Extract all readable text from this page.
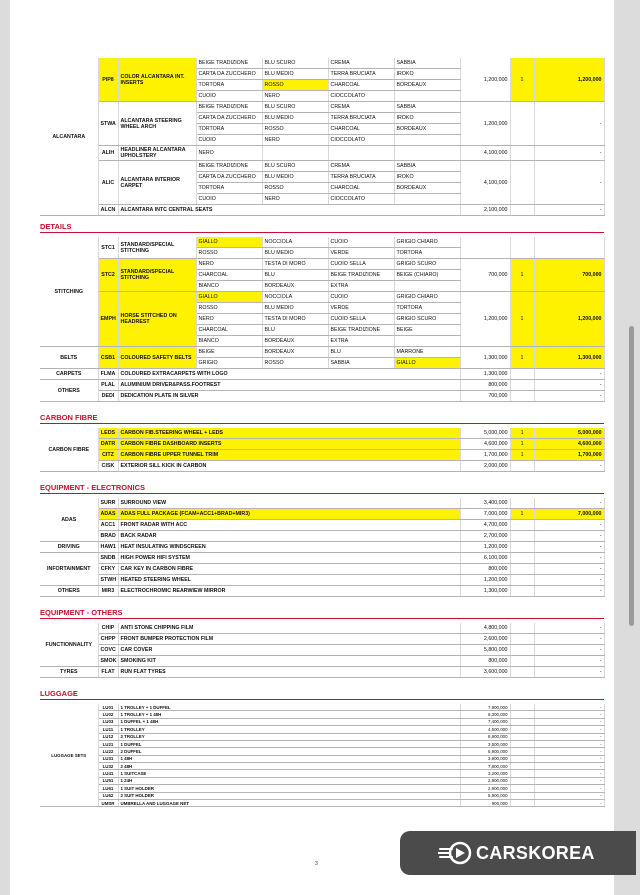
ALCANTARA	PIP8	COLOR ALCANTARA INT. INSERTS	BEIGE TRADIZIONE	BLU SCURO	CREMA	SABBIA	1,200,000	1	1,200,000
			CARTA DA ZUCCHERO	BLU MEDIO	TERRA BRUCIATA	IROKO			
			TORTORA	ROSSO	CHARCOAL	BORDEAUX			
			CUOIO	NERO	CIOCCOLATO				
	STWA	ALCANTARA STEERING WHEEL ARCH	BEIGE TRADIZIONE	BLU SCURO	CREMA	SABBIA	1,200,000		-
			CARTA DA ZUCCHERO	BLU MEDIO	TERRA BRUCIATA	IROKO			
			TORTORA	ROSSO	CHARCOAL	BORDEAUX			
			CUOIO	NERO	CIOCCOLATO				
	ALIH	HEADLINER ALCANTARA UPHOLSTERY	NERO				4,100,000		-
	ALIC	ALCANTARA INTERIOR CARPET	BEIGE TRADIZIONE	BLU SCURO	CREMA	SABBIA	4,100,000		-
			CARTA DA ZUCCHERO	BLU MEDIO	TERRA BRUCIATA	IROKO			
			TORTORA	ROSSO	CHARCOAL	BORDEAUX			
			CUOIO	NERO	CIOCCOLATO				
	ALCN	ALCANTARA INTC CENTRAL SEATS					2,100,000		-
DETAILS
STITCHING	STC1	STANDARD/SPECIAL STITCHING	GIALLO	NOCCIOLA	CUOIO	GRIGIO CHIARO			
			ROSSO	BLU MEDIO	VERDE	TORTORA			
	STC2	STANDARD/SPECIAL STITCHING	NERO	TESTA DI MORO	CUOIO SELLA	GRIGIO SCURO	700,000	1	700,000
			CHARCOAL	BLU	BEIGE TRADIZIONE	BEIGE (CHIARO)			
			BIANCO	BORDEAUX	EXTRA				
	EMPH	HORSE STITCHED ON HEADREST	GIALLO	NOCCIOLA	CUOIO	GRIGIO CHIARO	1,200,000	1	1,200,000
			ROSSO	BLU MEDIO	VERDE	TORTORA			
			NERO	TESTA DI MORO	CUOIO SELLA	GRIGIO SCURO			
			CHARCOAL	BLU	BEIGE TRADIZIONE	BEIGE			
			BIANCO	BORDEAUX	EXTRA				
BELTS	CSB1	COLOURED SAFETY BELTS	BEIGE	BORDEAUX	BLU	MARRONE	1,300,000	1	1,300,000
			GRIGIO	ROSSO	SABBIA	GIALLO			
CARPETS	FLMA	COLOURED EXTRACARPETS WITH LOGO					1,300,000		-
OTHERS	PLAL	ALUMINIUM DRIVER&PASS.FOOTREST					800,000		-
	DEDI	DEDICATION PLATE IN SILVER					700,000		-
CARBON FIBRE
CARBON FIBRE	LEDS	CARBON FIB.STEERING WHEEL + LEDS	5,000,000	1	5,000,000
	DATR	CARBON FIBRE DASHBOARD INSERTS	4,600,000	1	4,600,000
	CITZ	CARBON FIBRE UPPER TUNNEL TRIM	1,700,000	1	1,700,000
	CISK	EXTERIOR SILL KICK IN CARBON	2,000,000		-
EQUIPMENT - ELECTRONICS
ADAS	SURR	SURROUND VIEW	3,400,000		-
	ADAS	ADAS FULL PACKAGE (FCAM+ACC1+BRAD+MIR3)	7,000,000	1	7,000,000
	ACC1	FRONT RADAR WITH ACC	4,700,000		-
	BRAD	BACK RADAR	2,700,000		-
DRIVING	HAW1	HEAT INSULATING WINDSCREEN	1,200,000		-
INFORTAINMENT	SNDB	HIGH POWER HIFI SYSTEM	6,100,000		-
	CFKY	CAR KEY IN CARBON FIBRE	800,000		-
	STWH	HEATED STEERING WHEEL	1,200,000		-
OTHERS	MIR3	ELECTROCHROMIC REARWIEW MIRROR	1,300,000		-
EQUIPMENT - OTHERS
FUNCTIONNALITY	CHIP	ANTI STONE CHIPPING FILM	4,800,000		-
	CHPP	FRONT BUMPER PROTECTION FILM	2,600,000		-
	COVC	CAR COVER	5,800,000		-
	SMOK	SMOKING KIT	800,000		-
TYRES	FLAT	RUN FLAT TYRES	3,600,000		-
LUGGAGE
LUGGAGE SETS	LU01	1 TROLLEY + 1 DUFFEL	7,900,000		-
	LU02	1 TROLLEY + 1 48H	8,300,000		-
	LU03	1 DUFFEL + 1 48H	7,400,000		-
	LU11	1 TROLLEY	4,500,000		-
	LU12	2 TROLLEY	8,900,000		-
	LU21	1 DUFFEL	3,500,000		-
	LU22	2 DUFFEL	6,900,000		-
	LU31	1 48H	3,900,000		-
	LU32	2 48H	7,800,000		-
	LU41	1 SUITCASE	3,200,000		-
	LU51	1 24H	2,900,000		-
	LU61	1 SUIT HOLDER	2,900,000		-
	LU62	2 SUIT HOLDER	5,900,000		-
	UMSR	UMBRELLA AND LUGGAGE NET	900,000		-
3
CARSKOREA
